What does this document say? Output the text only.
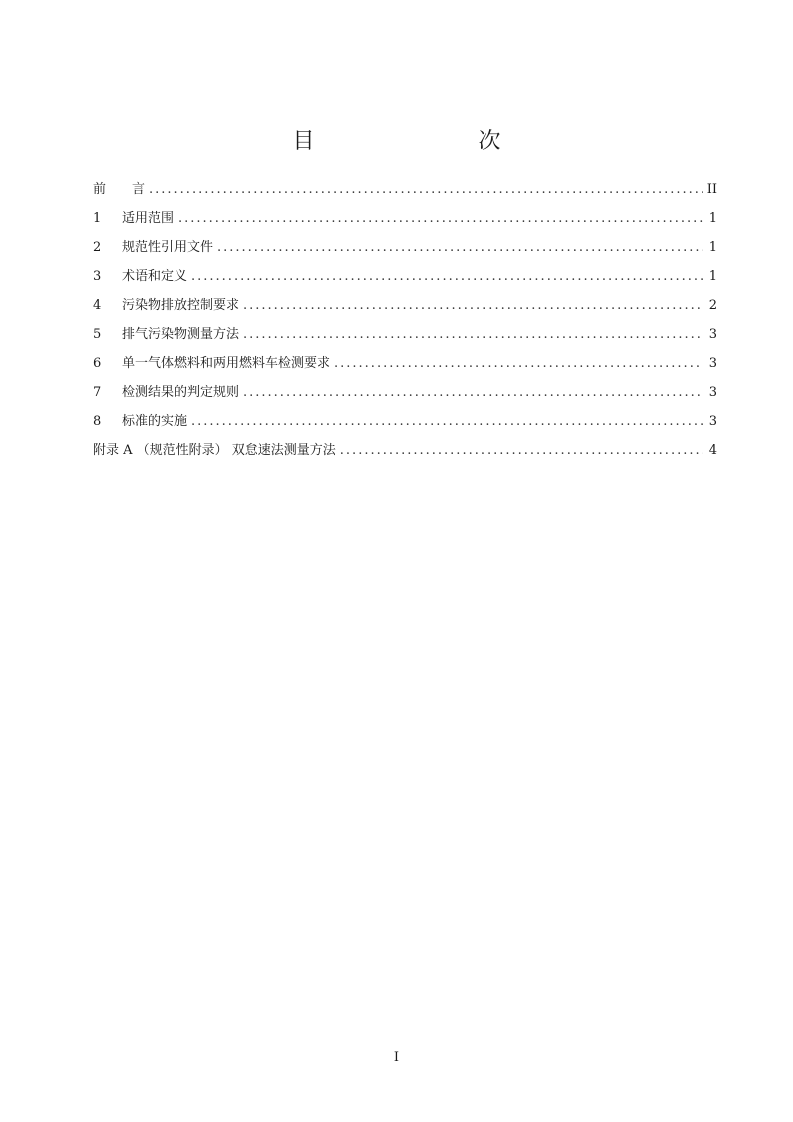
目　　次
前　　言 .....	II
1	适用范围 .....	1
2	规范性引用文件 .....	1
3	术语和定义 .....	1
4	污染物排放控制要求 .....	2
5	排气污染物测量方法 .....	3
6	单一气体燃料和两用燃料车检测要求 .....	3
7	检测结果的判定规则 .....	3
8	标准的实施 .....	3
附录 A （规范性附录） 双怠速法测量方法 .....	4
I
